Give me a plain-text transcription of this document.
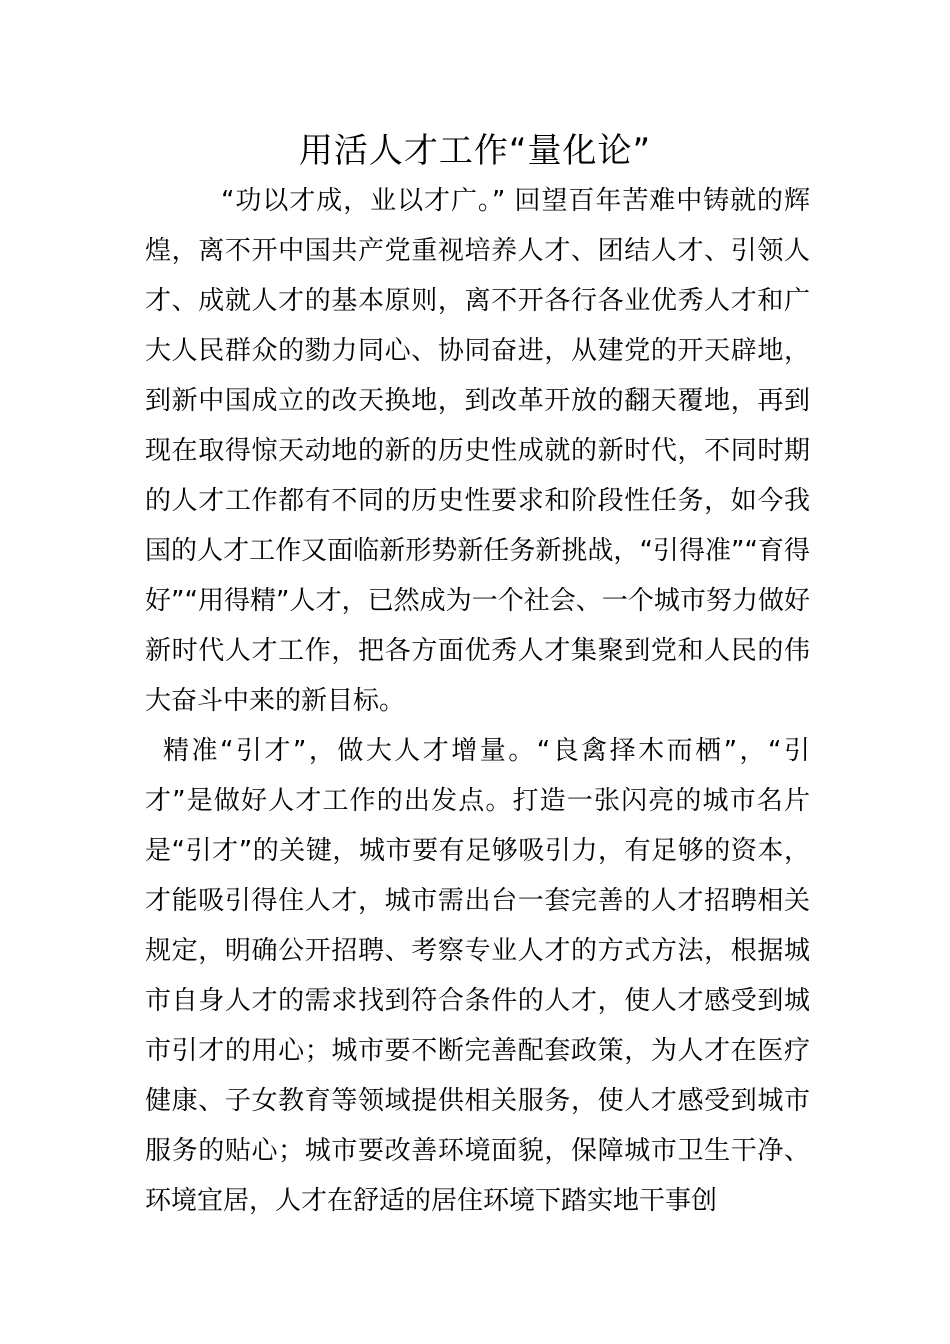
用活人才工作“量化论”

“功以才成，业以才广。” 回望百年苦难中铸就的辉煌，离不开中国共产党重视培养人才、团结人才、引领人才、成就人才的基本原则，离不开各行各业优秀人才和广大人民群众的勠力同心、协同奋进，从建党的开天辟地，到新中国成立的改天换地，到改革开放的翻天覆地，再到现在取得惊天动地的新的历史性成就的新时代，不同时期的人才工作都有不同的历史性要求和阶段性任务，如今我国的人才工作又面临新形势新任务新挑战，“引得准”“育得好”“用得精”人才，已然成为一个社会、一个城市努力做好新时代人才工作，把各方面优秀人才集聚到党和人民的伟大奋斗中来的新目标。

精准“引才”，做大人才增量。“良禽择木而栖”，“引才”是做好人才工作的出发点。打造一张闪亮的城市名片是“引才”的关键，城市要有足够吸引力，有足够的资本，才能吸引得住人才，城市需出台一套完善的人才招聘相关规定，明确公开招聘、考察专业人才的方式方法，根据城市自身人才的需求找到符合条件的人才，使人才感受到城市引才的用心；城市要不断完善配套政策，为人才在医疗健康、子女教育等领域提供相关服务，使人才感受到城市服务的贴心；城市要改善环境面貌，保障城市卫生干净、环境宜居，人才在舒适的居住环境下踏实地干事创
